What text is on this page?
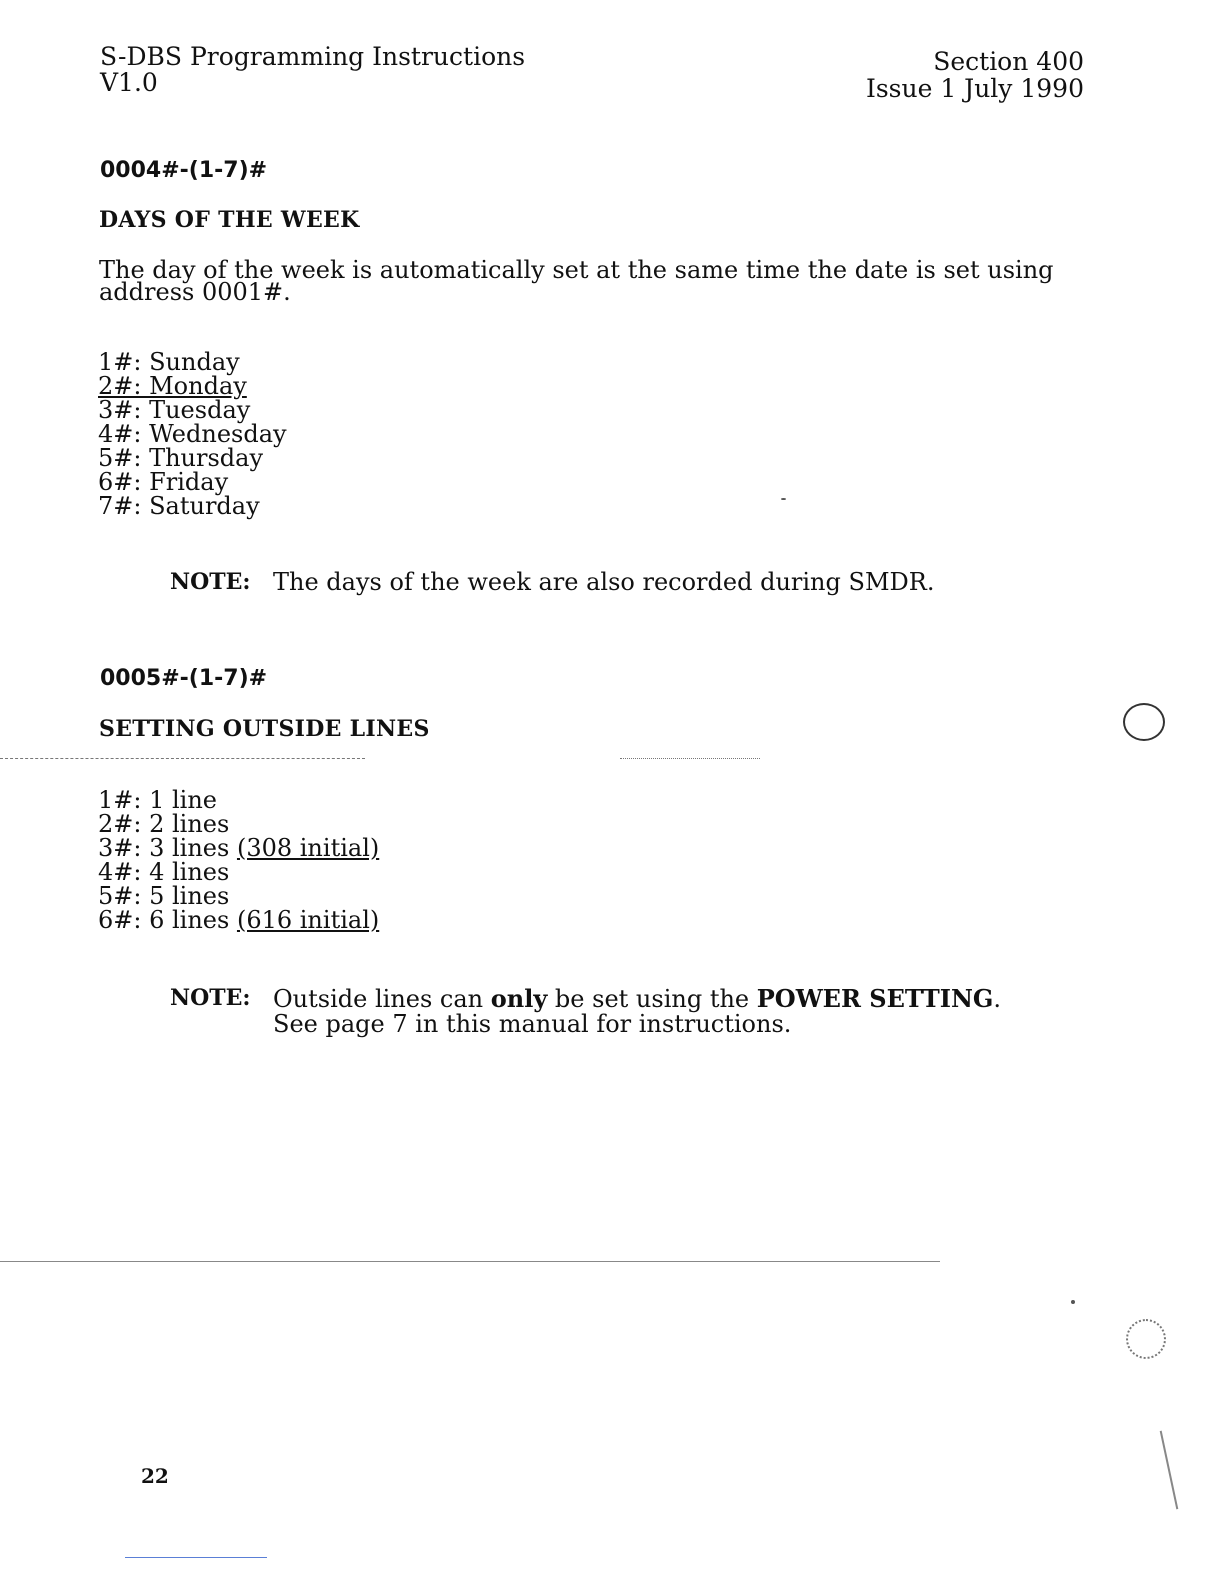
S-DBS Programming Instructions
V1.0
Section 400
Issue 1 July 1990
0004#-(1-7)#
DAYS OF THE WEEK
The day of the week is automatically set at the same time the date is set using
address 0001#.
1#: Sunday
2#: Monday
3#: Tuesday
4#: Wednesday
5#: Thursday
6#: Friday
7#: Saturday
NOTE: The days of the week are also recorded during SMDR.
0005#-(1-7)#
SETTING OUTSIDE LINES
1#: 1 line
2#: 2 lines
3#: 3 lines (308 initial)
4#: 4 lines
5#: 5 lines
6#: 6 lines (616 initial)
NOTE: Outside lines can only be set using the POWER SETTING.
See page 7 in this manual for instructions.
22
